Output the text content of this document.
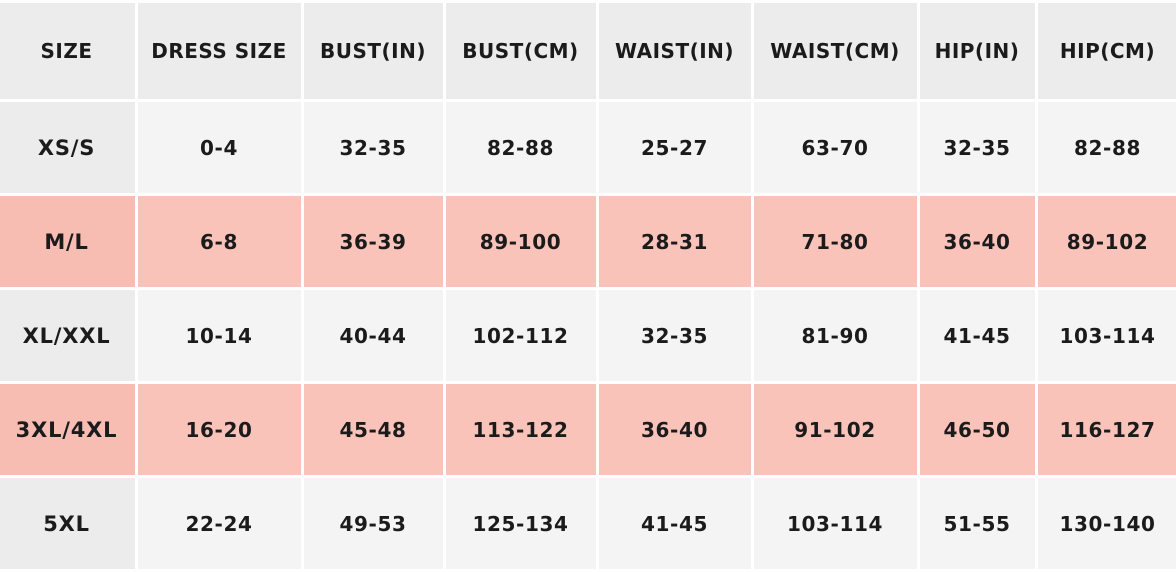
SIZE	DRESS SIZE	BUST(IN)	BUST(CM)	WAIST(IN)	WAIST(CM)	HIP(IN)	HIP(CM)
XS/S	0-4	32-35	82-88	25-27	63-70	32-35	82-88
M/L	6-8	36-39	89-100	28-31	71-80	36-40	89-102
XL/XXL	10-14	40-44	102-112	32-35	81-90	41-45	103-114
3XL/4XL	16-20	45-48	113-122	36-40	91-102	46-50	116-127
5XL	22-24	49-53	125-134	41-45	103-114	51-55	130-140
